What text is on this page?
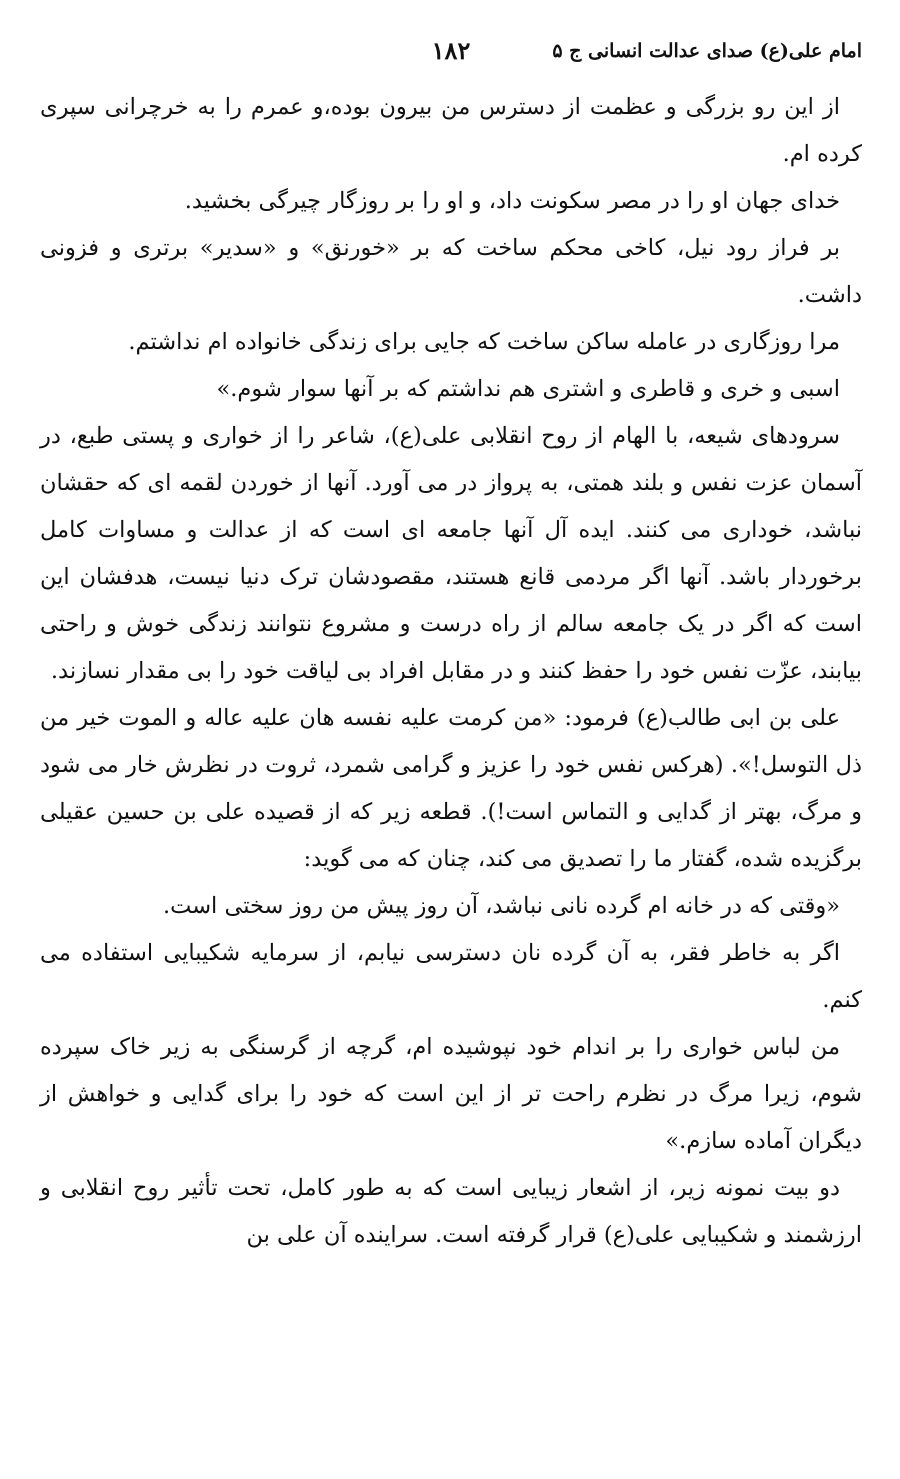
امام علی(ع) صدای عدالت انسانی ج ۵
۱۸۲

از این رو بزرگی و عظمت از دسترس من بیرون بوده،و عمرم را به خرچرانی سپری کرده ام.

خدای جهان او را در مصر سکونت داد، و او را بر روزگار چیرگی بخشید.

بر فراز رود نیل، کاخی محکم ساخت که بر «خورنق» و «سدیر» برتری و فزونی داشت.

مرا روزگاری در عامله ساکن ساخت که جایی برای زندگی خانواده ام نداشتم.

اسبی و خری و قاطری و اشتری هم نداشتم که بر آنها سوار شوم.»

سرودهای شیعه، با الهام از روح انقلابی علی(ع)، شاعر را از خواری و پستی طبع، در آسمان عزت نفس و بلند همتی، به پرواز در می آورد. آنها از خوردن لقمه ای که حقشان نباشد، خوداری می کنند. ایده آل آنها جامعه ای است که از عدالت و مساوات کامل برخوردار باشد. آنها اگر مردمی قانع هستند، مقصودشان ترک دنیا نیست، هدفشان این است که اگر در یک جامعه سالم از راه درست و مشروع نتوانند زندگی خوش و راحتی بیابند، عزّت نفس خود را حفظ کنند و در مقابل افراد بی لیاقت خود را بی مقدار نسازند.

علی بن ابی طالب(ع) فرمود: «من کرمت علیه نفسه هان علیه عاله و الموت خیر من ذل التوسل!». (هرکس نفس خود را عزیز و گرامی شمرد، ثروت در نظرش خار می شود و مرگ، بهتر از گدایی و التماس است!). قطعه زیر که از قصیده علی بن حسین عقیلی برگزیده شده، گفتار ما را تصدیق می کند، چنان که می گوید:

«وقتی که در خانه ام گرده نانی نباشد، آن روز پیش من روز سختی است.

اگر به خاطر فقر، به آن گرده نان دسترسی نیابم، از سرمایه شکیبایی استفاده می کنم.

من لباس خواری را بر اندام خود نپوشیده ام، گرچه از گرسنگی به زیر خاک سپرده شوم، زیرا مرگ در نظرم راحت تر از این است که خود را برای گدایی و خواهش از دیگران آماده سازم.»

دو بیت نمونه زیر، از اشعار زیبایی است که به طور کامل، تحت تأثیر روح انقلابی و ارزشمند و شکیبایی علی(ع) قرار گرفته است. سراینده آن علی بن
